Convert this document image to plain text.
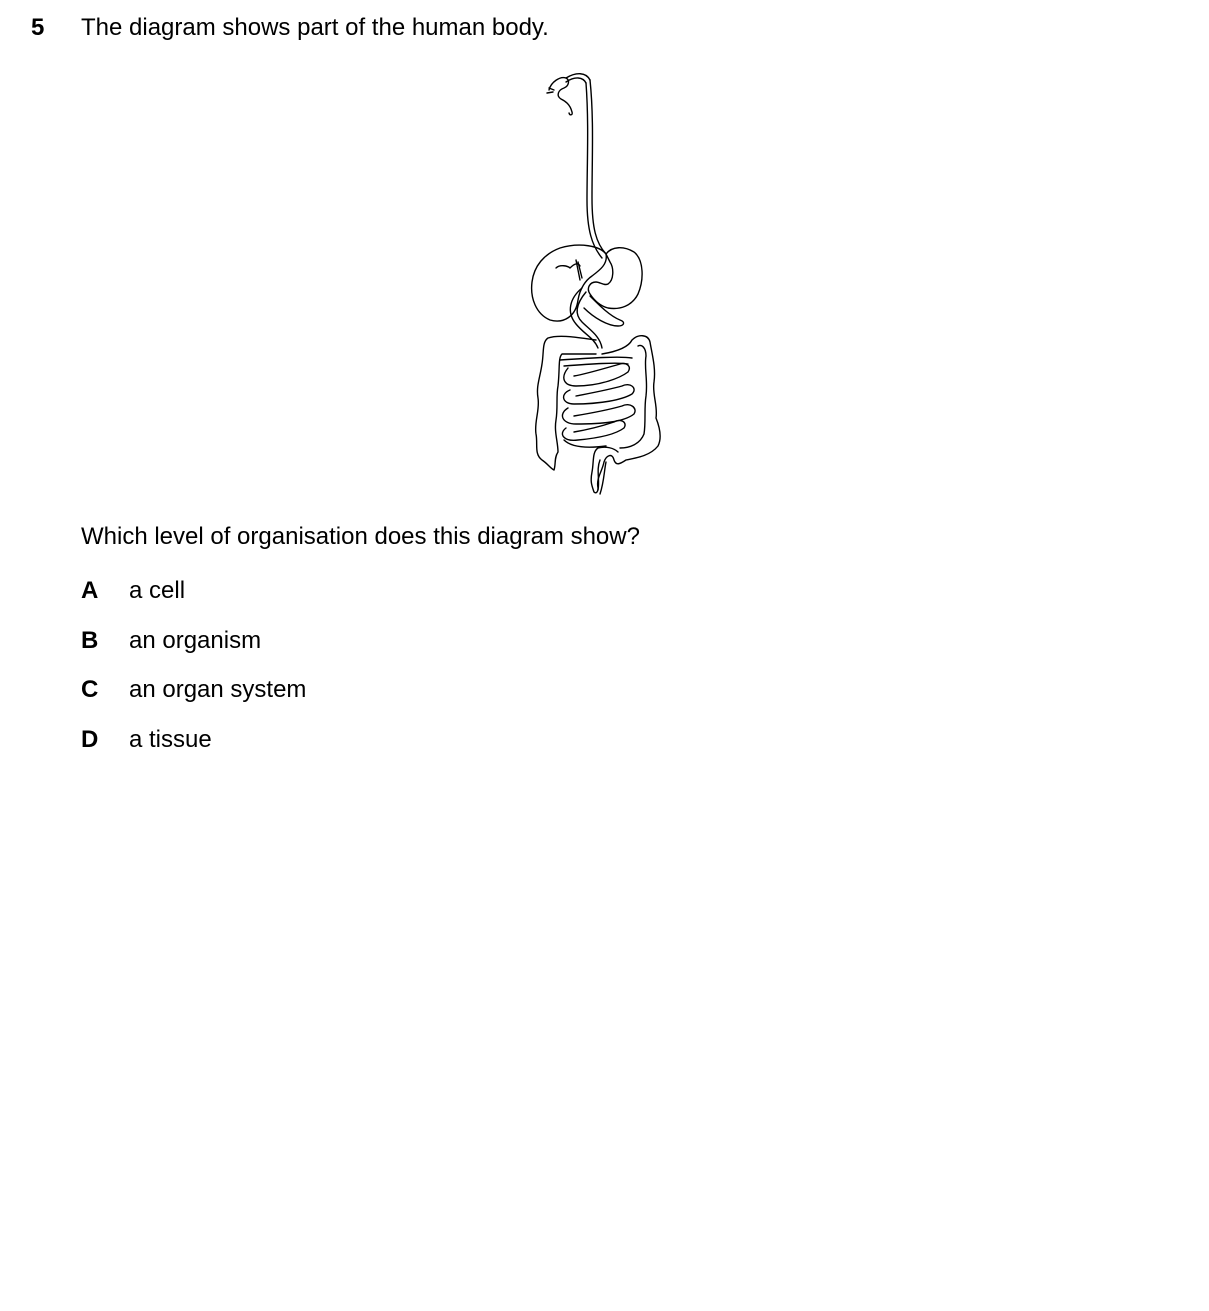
5 The diagram shows part of the human body.
Which level of organisation does this diagram show?
A a cell
B an organism
C an organ system
D a tissue
